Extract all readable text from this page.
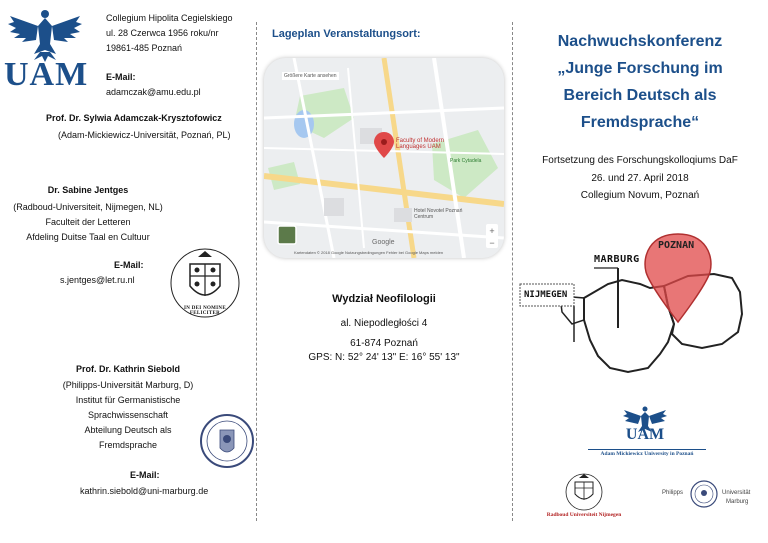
UAM
Collegium Hipolita Cegielskiego
ul. 28 Czerwca 1956 roku/nr
19861-485 Poznań
E-Mail:
adamczak@amu.edu.pl
Prof. Dr. Sylwia Adamczak-Krysztofowicz
(Adam-Mickiewicz-Universität, Poznań, PL)
Dr. Sabine Jentges
(Radboud-Universiteit, Nijmegen, NL)
Faculteit der Letteren
Afdeling Duitse Taal en Cultuur
E-Mail:
s.jentges@let.ru.nl
IN DEI NOMINE FELICITER
Prof. Dr. Kathrin Siebold
(Philipps-Universität Marburg, D)
Institut für Germanistische
Sprachwissenschaft
Abteilung Deutsch als
Fremdsprache
E-Mail:
kathrin.siebold@uni-marburg.de
Lageplan Veranstaltungsort:
+
−
Größere Karte ansehen
Faculty of Modern Languages UAM
Park Cytadela
Hotel Novotel Poznań Centrum
Google
Kartendaten © 2018 Google Nutzungsbedingungen Fehler bei Google Maps melden
Wydział Neofilologii
al. Niepodległości 4
61-874 Poznań
GPS: N: 52° 24' 13" E: 16° 55' 13"
Nachwuchskonferenz
„Junge Forschung im
Bereich Deutsch als
Fremdsprache“
Fortsetzung des Forschungskolloqiums DaF
26. und 27. April 2018
Collegium Novum, Poznań
MARBURG
POZNAN
NIJMEGEN
UAM
Adam Mickiewicz University in Poznań
Radboud Universiteit Nijmegen
Philipps	Universität
Marburg
